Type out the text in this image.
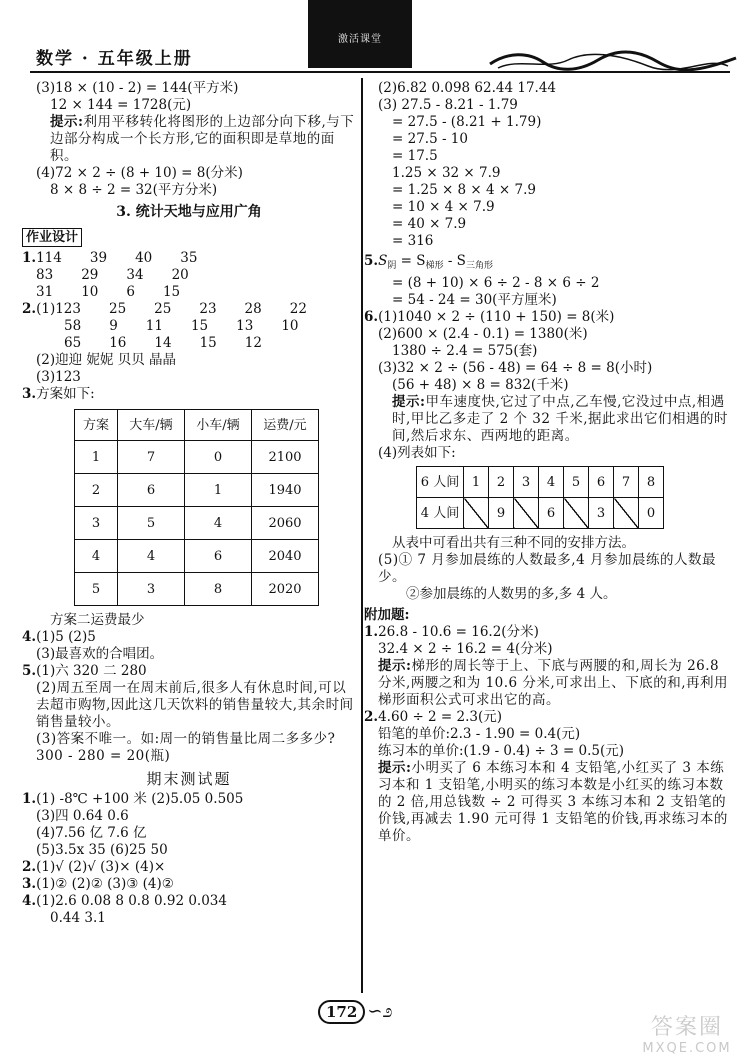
数学 · 五年级上册
激活课堂
(3)18 × (10 - 2) = 144(平方米)
12 × 144 = 1728(元)
提示:利用平移转化将图形的上边部分向下移,与下边部分构成一个长方形,它的面积即是草地的面积。
(4)72 × 2 ÷ (8 + 10) = 8(分米)
8 × 8 ÷ 2 = 32(平方分米)
3. 统计天地与应用广角
作业设计
1.114 39 40 35
83 29 34 20
31 10 6 15
2.(1)123 25 25 23 28 22
58 9 11 15 13 10
65 16 14 15 12
(2)迎迎 妮妮 贝贝 晶晶
(3)123
3.方案如下:
方案	大车/辆	小车/辆	运费/元
1	7	0	2100
2	6	1	1940
3	5	4	2060
4	4	6	2040
5	3	8	2020
方案二运费最少
4.(1)5 (2)5
(3)最喜欢的合唱团。
5.(1)六 320 二 280
(2)周五至周一在周末前后,很多人有休息时间,可以去超市购物,因此这几天饮料的销售量较大,其余时间销售量较小。
(3)答案不唯一。如:周一的销售量比周二多多少? 300 - 280 = 20(瓶)
期末测试题
1.(1) -8℃ +100 米 (2)5.05 0.505
(3)四 0.64 0.6
(4)7.56 亿 7.6 亿
(5)3.5x 35 (6)25 50
2.(1)√ (2)√ (3)× (4)×
3.(1)② (2)② (3)③ (4)②
4.(1)2.6 0.08 8 0.8 0.92 0.034
0.44 3.1
(2)6.82 0.098 62.44 17.44
(3) 27.5 - 8.21 - 1.79
= 27.5 - (8.21 + 1.79)
= 27.5 - 10
= 17.5
1.25 × 32 × 7.9
= 1.25 × 8 × 4 × 7.9
= 10 × 4 × 7.9
= 40 × 7.9
= 316
$5.S_阴 = S_{梯形} - S_{三角形}$
= (8 + 10) × 6 ÷ 2 - 8 × 6 ÷ 2
= 54 - 24 = 30(平方厘米)
6.(1)1040 × 2 ÷ (110 + 150) = 8(米)
(2)600 × (2.4 - 0.1) = 1380(米)
1380 ÷ 2.4 = 575(套)
(3)32 × 2 ÷ (56 - 48) = 64 ÷ 8 = 8(小时)
(56 + 48) × 8 = 832(千米)
提示:甲车速度快,它过了中点,乙车慢,它没过中点,相遇时,甲比乙多走了 2 个 32 千米,据此求出它们相遇的时间,然后求东、西两地的距离。
(4)列表如下:
6 人间	1	2	3	4	5	6	7	8
4 人间		9		6		3		0
从表中可看出共有三种不同的安排方法。
(5)① 7 月参加晨练的人数最多,4 月参加晨练的人数最少。
②参加晨练的人数男的多,多 4 人。
附加题:
1.26.8 - 10.6 = 16.2(分米)
32.4 × 2 ÷ 16.2 = 4(分米)
提示:梯形的周长等于上、下底与两腰的和,周长为 26.8 分米,两腰之和为 10.6 分米,可求出上、下底的和,再利用梯形面积公式可求出它的高。
2.4.60 ÷ 2 = 2.3(元)
铅笔的单价:2.3 - 1.90 = 0.4(元)
练习本的单价:(1.9 - 0.4) ÷ 3 = 0.5(元)
提示:小明买了 6 本练习本和 4 支铅笔,小红买了 3 本练习本和 1 支铅笔,小明买的练习本数是小红买的练习本数的 2 倍,用总钱数 ÷ 2 可得买 3 本练习本和 2 支铅笔的价钱,再减去 1.90 元可得 1 支铅笔的价钱,再求练习本的单价。
172 ∽೨
答案圈
MXQE.COM
